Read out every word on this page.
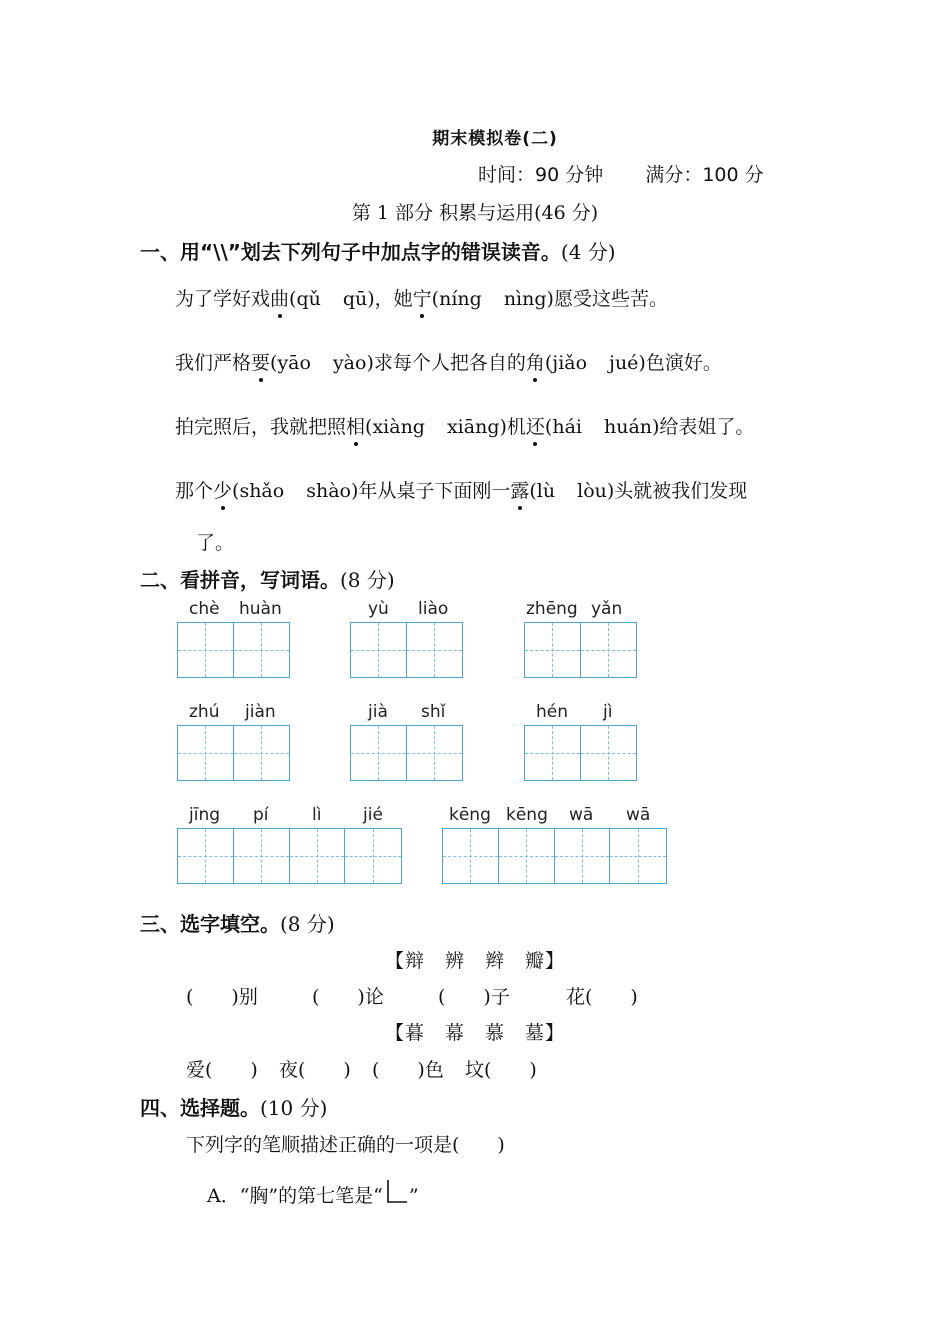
期末模拟卷(二)
时间：90 分钟 满分：100 分
第 1 部分 积累与运用(46 分)
一、用“\\”划去下列句子中加点字的错误读音。(4 分)
为了学好戏曲(qǔ qū)，她宁(níng nìng)愿受这些苦。
我们严格要(yāo yào)求每个人把各自的角(jiǎo jué)色演好。
拍完照后，我就把照相(xiàng xiāng)机还(hái huán)给表姐了。
那个少(shǎo shào)年从桌子下面刚一露(lù lòu)头就被我们发现
了。
二、看拼音，写词语。(8 分)
chè huàn	yù liào	zhēng yǎn
zhú jiàn	jià shǐ	hén jì
jīng pí	lì jié	kēng kēng wā wā
三、选字填空。(8 分)
【辩　辨　辫　瓣】
(　　)别	(　　)论	(　　)子	花(　　)
【暮　幕　慕　墓】
爱(　　) 夜(　　) (　　)色 坟(　　)
四、选择题。(10 分)
下列字的笔顺描述正确的一项是(　　)
A．“胸”的第七笔是“ ”
